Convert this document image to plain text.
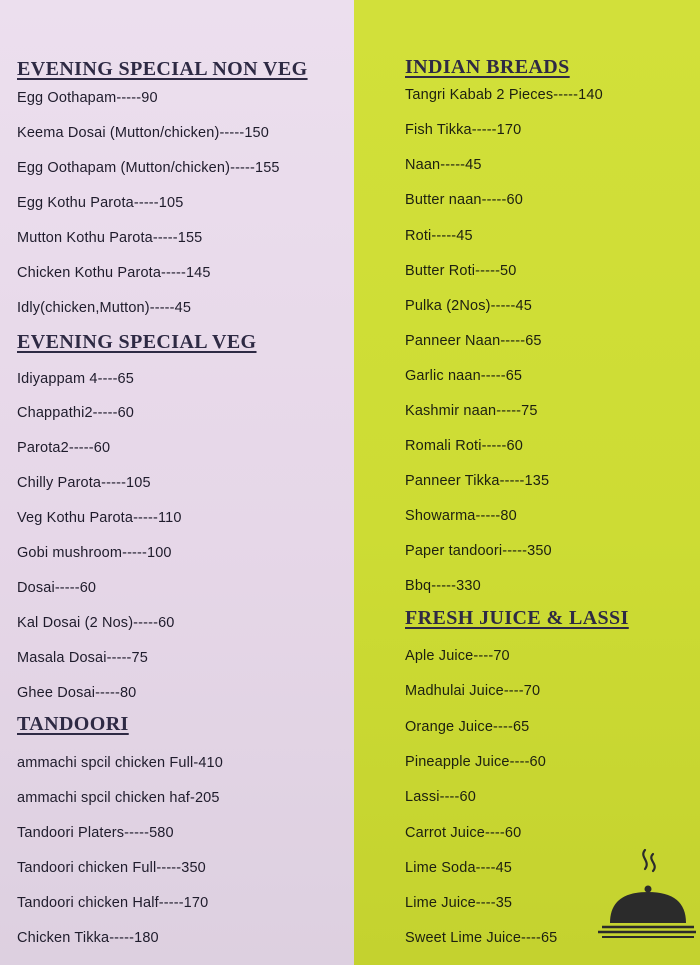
EVENING SPECIAL NON VEG
Egg Oothapam-----90
Keema Dosai (Mutton/chicken)-----150
Egg Oothapam (Mutton/chicken)-----155
Egg Kothu Parota-----105
Mutton Kothu Parota-----155
Chicken Kothu Parota-----145
Idly(chicken,Mutton)-----45
EVENING SPECIAL VEG
Idiyappam 4----65
Chappathi2-----60
Parota2-----60
Chilly Parota-----105
Veg Kothu Parota-----110
Gobi mushroom-----100
Dosai-----60
Kal Dosai (2 Nos)-----60
Masala Dosai-----75
Ghee Dosai-----80
TANDOORI
ammachi spcil chicken Full-410
ammachi spcil chicken haf-205
Tandoori Platers-----580
Tandoori chicken Full-----350
Tandoori chicken Half-----170
Chicken Tikka-----180
INDIAN BREADS
Tangri Kabab 2 Pieces-----140
Fish Tikka-----170
Naan-----45
Butter naan-----60
Roti-----45
Butter Roti-----50
Pulka (2Nos)-----45
Panneer Naan-----65
Garlic naan-----65
Kashmir naan-----75
Romali Roti-----60
Panneer Tikka-----135
Showarma-----80
Paper tandoori-----350
Bbq-----330
FRESH JUICE & LASSI
Aple Juice----70
Madhulai Juice----70
Orange Juice----65
Pineapple Juice----60
Lassi----60
Carrot Juice----60
Lime Soda----45
Lime Juice----35
Sweet Lime Juice----65
